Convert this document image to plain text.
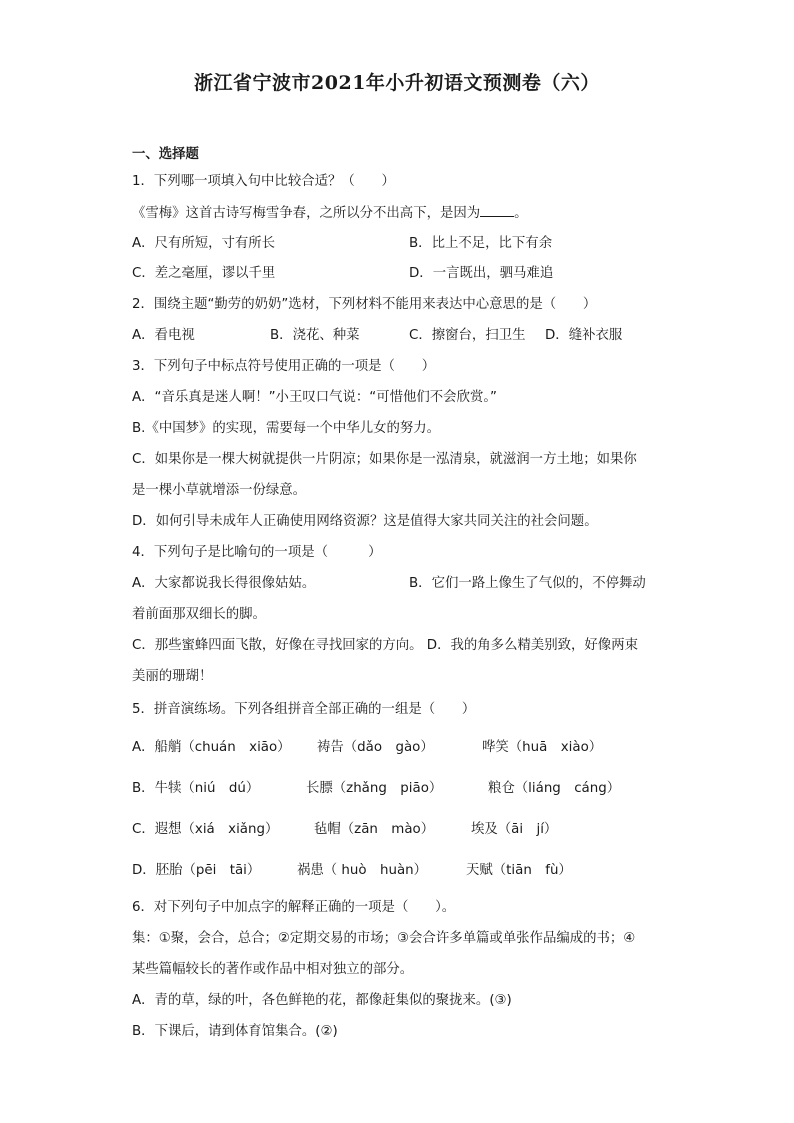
浙江省宁波市2021年小升初语文预测卷（六）
一、选择题
1．下列哪一项填入句中比较合适？（　　）
《雪梅》这首古诗写梅雪争春，之所以分不出高下，是因为	。
A．尺有所短，寸有所长	B．比上不足，比下有余
C．差之毫厘，谬以千里	D．一言既出，驷马难追
2．围绕主题“勤劳的奶奶”选材，下列材料不能用来表达中心意思的是（　　）
A．看电视	B．浇花、种菜	C．擦窗台，扫卫生 D．缝补衣服
3．下列句子中标点符号使用正确的一项是（　　）
A．“音乐真是迷人啊！”小王叹口气说：“可惜他们不会欣赏。”
B.《中国梦》的实现，需要每一个中华儿女的努力。
C．如果你是一棵大树就提供一片阴凉；如果你是一泓清泉，就滋润一方土地；如果你
是一棵小草就增添一份绿意。
D．如何引导未成年人正确使用网络资源？这是值得大家共同关注的社会问题。
4．下列句子是比喻句的一项是（　　　）
A．大家都说我长得很像姑姑。	B．它们一路上像生了气似的，不停舞动
着前面那双细长的脚。
C．那些蜜蜂四面飞散，好像在寻找回家的方向。 D．我的角多么精美别致，好像两束
美丽的珊瑚！
5．拼音演练场。下列各组拼音全部正确的一组是（　　）
A．船艄（chuán　xiāo） 祷告（dǎo　gào）	哗笑（huā　xiào）
B．牛犊（niú　dú）	长膘（zhǎng　piāo）	粮仓（liáng　cáng）
C．遐想（xiá　xiǎng）	毡帽（zān　mào）	埃及（āi　jí）
D．胚胎（pēi　tāi）	祸患（ huò　huàn）	天赋（tiān　fù）
6．对下列句子中加点字的解释正确的一项是（　　）。
集：①聚，会合，总合；②定期交易的市场；③会合许多单篇或单张作品编成的书；④
某些篇幅较长的著作或作品中相对独立的部分。
A．青的草，绿的叶，各色鲜艳的花，都像赶集似的聚拢来。(③)
B．下课后，请到体育馆集合。(②)
